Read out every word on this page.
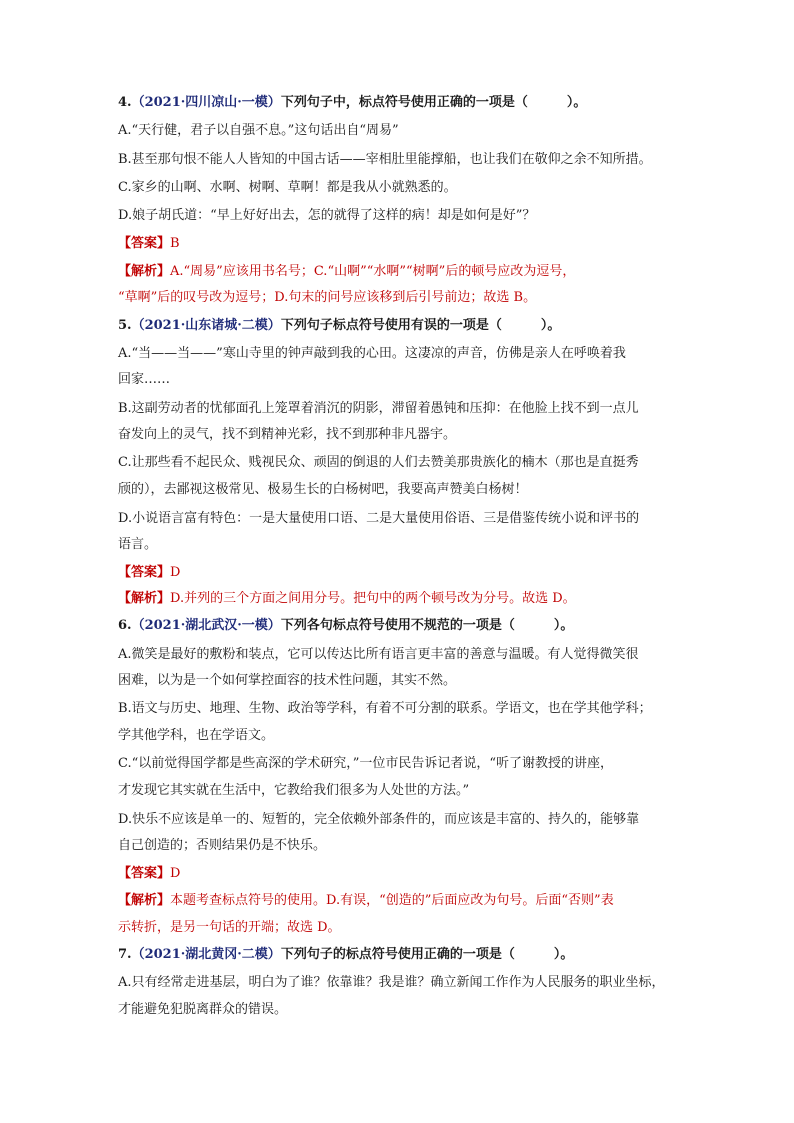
4.（2021·四川凉山·一模）下列句子中，标点符号使用正确的一项是（　　　）。
A.“天行健，君子以自强不息。”这句话出自“周易”
B.甚至那句恨不能人人皆知的中国古话——宰相肚里能撑船，也让我们在敬仰之余不知所措。
C.家乡的山啊、水啊、树啊、草啊！都是我从小就熟悉的。
D.娘子胡氏道：“早上好好出去，怎的就得了这样的病！却是如何是好”？
【答案】B
【解析】A.“周易”应该用书名号；C.“山啊”“水啊”“树啊”后的顿号应改为逗号，
“草啊”后的叹号改为逗号；D.句末的问号应该移到后引号前边；故选 B。
5.（2021·山东诸城·二模）下列句子标点符号使用有误的一项是（　　　）。
A.“当——当——”寒山寺里的钟声敲到我的心田。这凄凉的声音，仿佛是亲人在呼唤着我
回家……
B.这副劳动者的忧郁面孔上笼罩着消沉的阴影，滞留着愚钝和压抑：在他脸上找不到一点儿
奋发向上的灵气，找不到精神光彩，找不到那种非凡器宇。
C.让那些看不起民众、贱视民众、顽固的倒退的人们去赞美那贵族化的楠木（那也是直挺秀
颀的），去鄙视这极常见、极易生长的白杨树吧，我要高声赞美白杨树！
D.小说语言富有特色：一是大量使用口语、二是大量使用俗语、三是借鉴传统小说和评书的
语言。
【答案】D
【解析】D.并列的三个方面之间用分号。把句中的两个顿号改为分号。故选 D。
6.（2021·湖北武汉·一模）下列各句标点符号使用不规范的一项是（　　　）。
A.微笑是最好的敷粉和装点，它可以传达比所有语言更丰富的善意与温暖。有人觉得微笑很
困难，以为是一个如何掌控面容的技术性问题，其实不然。
B.语文与历史、地理、生物、政治等学科，有着不可分割的联系。学语文，也在学其他学科；
学其他学科，也在学语文。
C.“以前觉得国学都是些高深的学术研究，”一位市民告诉记者说，“听了谢教授的讲座，
才发现它其实就在生活中，它教给我们很多为人处世的方法。”
D.快乐不应该是单一的、短暂的，完全依赖外部条件的，而应该是丰富的、持久的，能够靠
自己创造的；否则结果仍是不快乐。
【答案】D
【解析】本题考查标点符号的使用。D.有误，“创造的”后面应改为句号。后面“否则”表
示转折，是另一句话的开端；故选 D。
7.（2021·湖北黄冈·二模）下列句子的标点符号使用正确的一项是（　　　）。
A.只有经常走进基层，明白为了谁？依靠谁？我是谁？确立新闻工作作为人民服务的职业坐标，
才能避免犯脱离群众的错误。
